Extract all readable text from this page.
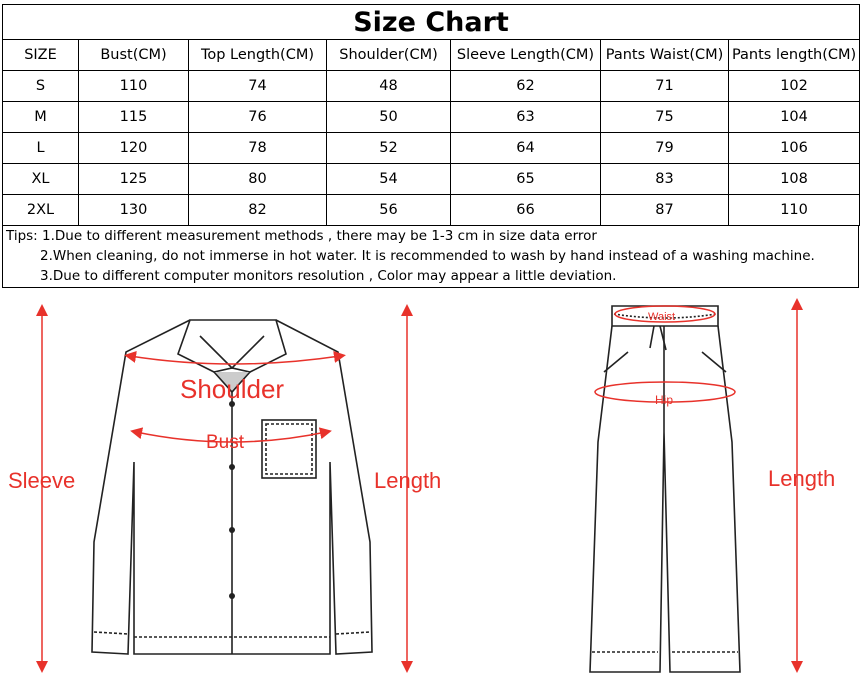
Size Chart						
SIZE	Bust(CM)	Top Length(CM)	Shoulder(CM)	Sleeve Length(CM)	Pants Waist(CM)	Pants length(CM)
S	110	74	48	62	71	102
M	115	76	50	63	75	104
L	120	78	52	64	79	106
XL	125	80	54	65	83	108
2XL	130	82	56	66	87	110
Tips: 1.Due to different measurement methods , there may be 1-3 cm in size data error
2.When cleaning, do not immerse in hot water. It is recommended to wash by hand instead of a washing machine.
3.Due to different computer monitors resolution , Color may appear a little deviation.
Sleeve
Shoulder
Bust
Length
Waist
Hip
Length
